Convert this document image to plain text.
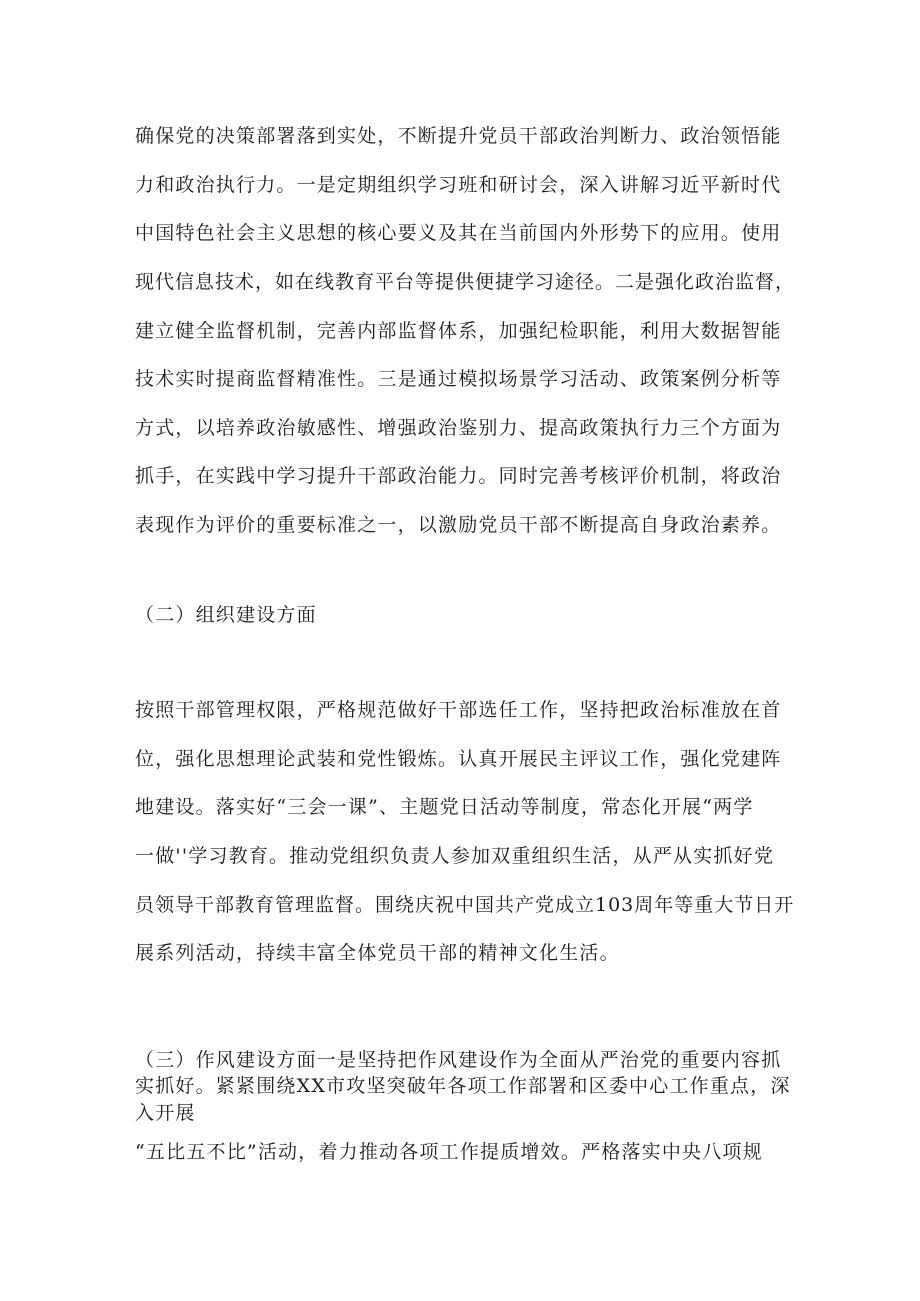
确保党的决策部署落到实处，不断提升党员干部政治判断力、政治领悟能
力和政治执行力。一是定期组织学习班和研讨会，深入讲解习近平新时代
中国特色社会主义思想的核心要义及其在当前国内外形势下的应用。使用
现代信息技术，如在线教育平台等提供便捷学习途径。二是强化政治监督，
建立健全监督机制，完善内部监督体系，加强纪检职能，利用大数据智能
技术实时提商监督精准性。三是通过模拟场景学习活动、政策案例分析等
方式，以培养政治敏感性、增强政治鉴别力、提高政策执行力三个方面为
抓手，在实践中学习提升干部政治能力。同时完善考核评价机制，将政治
表现作为评价的重要标准之一，以激励党员干部不断提高自身政治素养。
（二）组织建设方面
按照干部管理权限，严格规范做好干部选任工作，坚持把政治标准放在首
位，强化思想理论武装和党性锻炼。认真开展民主评议工作，强化党建阵
地建设。落实好“三会一课”、主题党日活动等制度，常态化开展“两学
一做''学习教育。推动党组织负责人参加双重组织生活，从严从实抓好党
员领导干部教育管理监督。围绕庆祝中国共产党成立103周年等重大节日开
展系列活动，持续丰富全体党员干部的精神文化生活。
（三）作风建设方面一是坚持把作风建设作为全面从严治党的重要内容抓
实抓好。紧紧围绕XX市攻坚突破年各项工作部署和区委中心工作重点，深
入开展
“五比五不比”活动，着力推动各项工作提质增效。严格落实中央八项规
